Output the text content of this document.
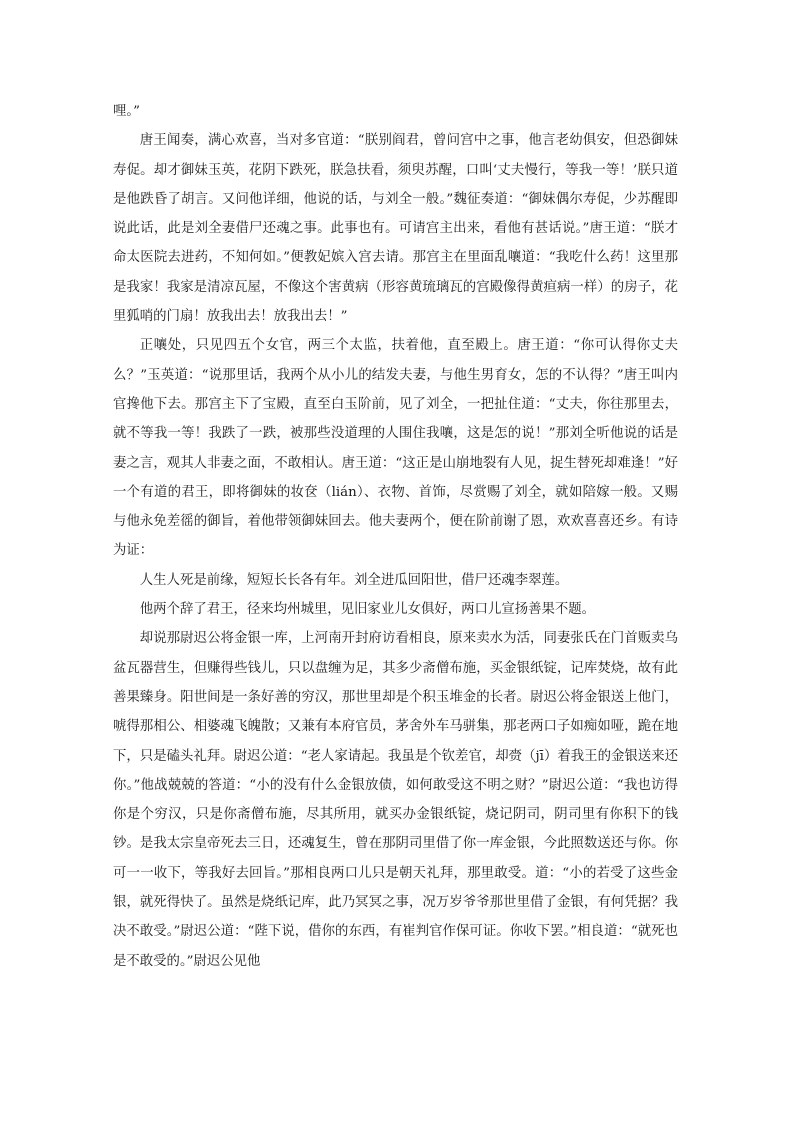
哩。”

唐王闻奏，满心欢喜，当对多官道：“朕别阎君，曾问宫中之事，他言老幼俱安，但恐御妹寿促。却才御妹玉英，花阴下跌死，朕急扶看，须臾苏醒，口叫‘丈夫慢行，等我一等！’朕只道是他跌昏了胡言。又问他详细，他说的话，与刘全一般。”魏征奏道：“御妹偶尔寿促，少苏醒即说此话，此是刘全妻借尸还魂之事。此事也有。可请宫主出来，看他有甚话说。”唐王道：“朕才命太医院去进药，不知何如。”便教妃嫔入宫去请。那宫主在里面乱嚷道：“我吃什么药！这里那是我家！我家是清凉瓦屋，不像这个害黄病（形容黄琉璃瓦的宫殿像得黄疸病一样）的房子，花里狐哨的门扇！放我出去！放我出去！”

正嚷处，只见四五个女官，两三个太监，扶着他，直至殿上。唐王道：“你可认得你丈夫么？”玉英道：“说那里话，我两个从小儿的结发夫妻，与他生男育女，怎的不认得？”唐王叫内官搀他下去。那宫主下了宝殿，直至白玉阶前，见了刘全，一把扯住道：“丈夫，你往那里去，就不等我一等！我跌了一跌，被那些没道理的人围住我嚷，这是怎的说！”那刘全听他说的话是妻之言，观其人非妻之面，不敢相认。唐王道：“这正是山崩地裂有人见，捉生替死却难逢！”好一个有道的君王，即将御妹的妆奁（lián）、衣物、首饰，尽赏赐了刘全，就如陪嫁一般。又赐与他永免差徭的御旨，着他带领御妹回去。他夫妻两个，便在阶前谢了恩，欢欢喜喜还乡。有诗为证：

人生人死是前缘，短短长长各有年。刘全进瓜回阳世，借尸还魂李翠莲。

他两个辞了君王，径来均州城里，见旧家业儿女俱好，两口儿宣扬善果不题。

却说那尉迟公将金银一库，上河南开封府访看相良，原来卖水为活，同妻张氏在门首贩卖乌盆瓦器营生，但赚得些钱儿，只以盘缠为足，其多少斋僧布施，买金银纸锭，记库焚烧，故有此善果臻身。阳世间是一条好善的穷汉，那世里却是个积玉堆金的长者。尉迟公将金银送上他门，唬得那相公、相婆魂飞魄散；又兼有本府官员，茅舍外车马骈集，那老两口子如痴如哑，跪在地下，只是磕头礼拜。尉迟公道：“老人家请起。我虽是个钦差官，却赍（jī）着我王的金银送来还你。”他战兢兢的答道：“小的没有什么金银放债，如何敢受这不明之财？”尉迟公道：“我也访得你是个穷汉，只是你斋僧布施，尽其所用，就买办金银纸锭，烧记阴司，阴司里有你积下的钱钞。是我太宗皇帝死去三日，还魂复生，曾在那阴司里借了你一库金银，今此照数送还与你。你可一一收下，等我好去回旨。”那相良两口儿只是朝天礼拜，那里敢受。道：“小的若受了这些金银，就死得快了。虽然是烧纸记库，此乃冥冥之事，况万岁爷爷那世里借了金银，有何凭据？我决不敢受。”尉迟公道：“陛下说，借你的东西，有崔判官作保可证。你收下罢。”相良道：“就死也是不敢受的。”尉迟公见他
